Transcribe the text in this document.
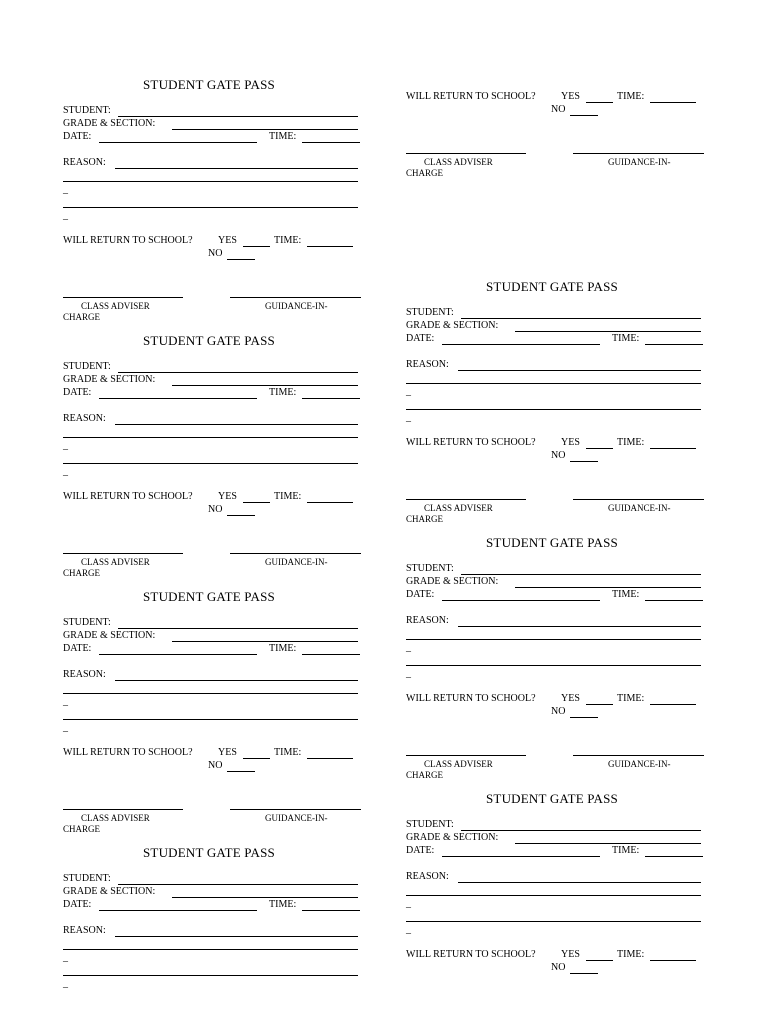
STUDENT GATE PASS
STUDENT:
GRADE & SECTION:
DATE:	TIME:
REASON:
_
_
WILL RETURN TO SCHOOL?	YES	TIME:
NO
CLASS ADVISER	GUIDANCE-IN-
CHARGE
STUDENT GATE PASS
STUDENT:
GRADE & SECTION:
DATE:	TIME:
REASON:
_
_
WILL RETURN TO SCHOOL?	YES	TIME:
NO
CLASS ADVISER	GUIDANCE-IN-
CHARGE
STUDENT GATE PASS
STUDENT:
GRADE & SECTION:
DATE:	TIME:
REASON:
_
_
WILL RETURN TO SCHOOL?	YES	TIME:
NO
CLASS ADVISER	GUIDANCE-IN-
CHARGE
STUDENT GATE PASS
STUDENT:
GRADE & SECTION:
DATE:	TIME:
REASON:
_
_
WILL RETURN TO SCHOOL?	YES	TIME:
NO
CLASS ADVISER	GUIDANCE-IN-
CHARGE
STUDENT GATE PASS
STUDENT:
GRADE & SECTION:
DATE:	TIME:
REASON:
_
_
WILL RETURN TO SCHOOL?	YES	TIME:
NO
CLASS ADVISER	GUIDANCE-IN-
CHARGE
STUDENT GATE PASS
STUDENT:
GRADE & SECTION:
DATE:	TIME:
REASON:
_
_
WILL RETURN TO SCHOOL?	YES	TIME:
NO
CLASS ADVISER	GUIDANCE-IN-
CHARGE
STUDENT GATE PASS
STUDENT:
GRADE & SECTION:
DATE:	TIME:
REASON:
_
_
WILL RETURN TO SCHOOL?	YES	TIME:
NO
